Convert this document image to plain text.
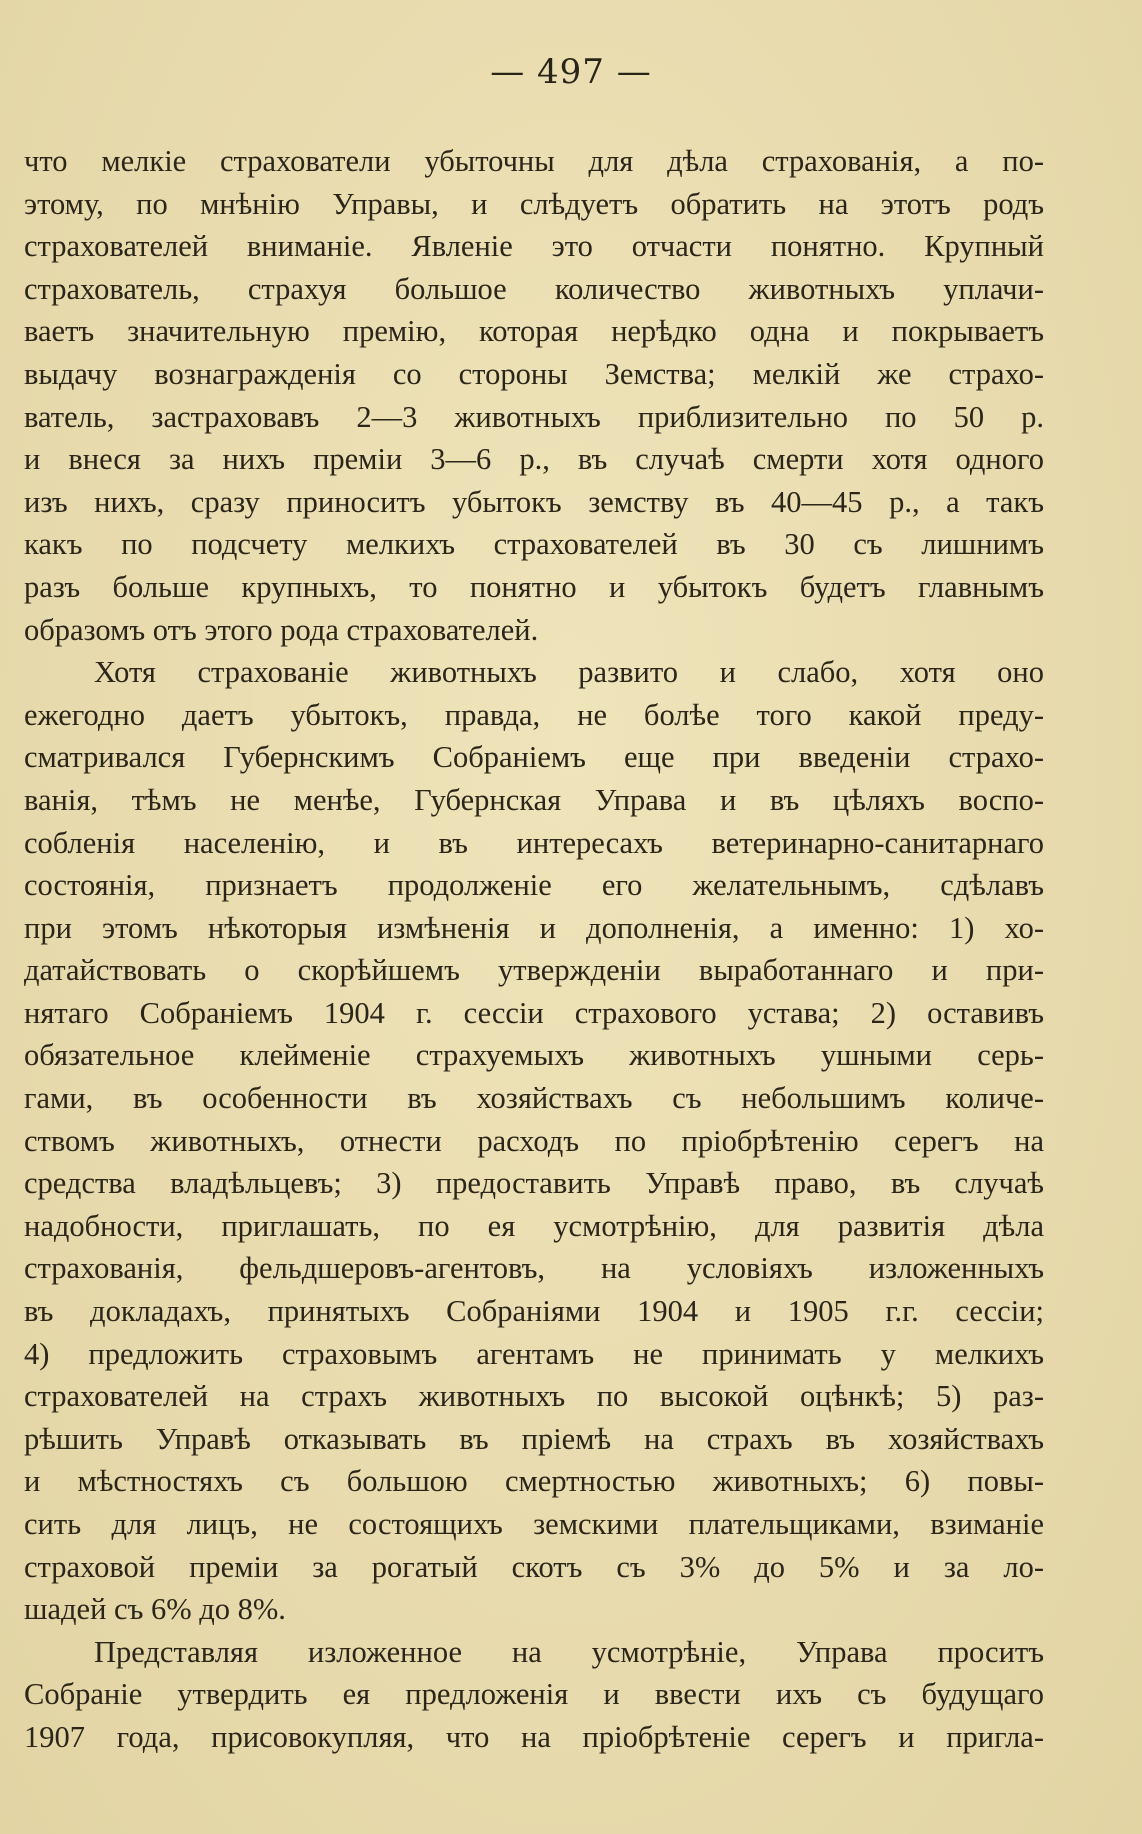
— 497 —
что мелкіе страхователи убыточны для дѣла страхованія, а по-
этому, по мнѣнію Управы, и слѣдуетъ обратить на этотъ родъ
страхователей вниманіе. Явленіе это отчасти понятно. Крупный
страхователь, страхуя большое количество животныхъ уплачи-
ваетъ значительную премію, которая нерѣдко одна и покрываетъ
выдачу вознагражденія со стороны Земства; мелкій же страхо-
ватель, застраховавъ 2—3 животныхъ приблизительно по 50 р.
и внеся за нихъ преміи 3—6 р., въ случаѣ смерти хотя одного
изъ нихъ, сразу приноситъ убытокъ земству въ 40—45 р., а такъ
какъ по подсчету мелкихъ страхователей въ 30 съ лишнимъ
разъ больше крупныхъ, то понятно и убытокъ будетъ главнымъ
образомъ отъ этого рода страхователей.
Хотя страхованіе животныхъ развито и слабо, хотя оно
ежегодно даетъ убытокъ, правда, не болѣе того какой преду-
сматривался Губернскимъ Собраніемъ еще при введеніи страхо-
ванія, тѣмъ не менѣе, Губернская Управа и въ цѣляхъ воспо-
собленія населенію, и въ интересахъ ветеринарно-санитарнаго
состоянія, признаетъ продолженіе его желательнымъ, сдѣлавъ
при этомъ нѣкоторыя измѣненія и дополненія, а именно: 1) хо-
датайствовать о скорѣйшемъ утвержденіи выработаннаго и при-
нятаго Собраніемъ 1904 г. сессіи страхового устава; 2) оставивъ
обязательное клейменіе страхуемыхъ животныхъ ушными серь-
гами, въ особенности въ хозяйствахъ съ небольшимъ количе-
ствомъ животныхъ, отнести расходъ по пріобрѣтенію серегъ на
средства владѣльцевъ; 3) предоставить Управѣ право, въ случаѣ
надобности, приглашать, по ея усмотрѣнію, для развитія дѣла
страхованія, фельдшеровъ-агентовъ, на условіяхъ изложенныхъ
въ докладахъ, принятыхъ Собраніями 1904 и 1905 г.г. сессіи;
4) предложить страховымъ агентамъ не принимать у мелкихъ
страхователей на страхъ животныхъ по высокой оцѣнкѣ; 5) раз-
рѣшить Управѣ отказывать въ пріемѣ на страхъ въ хозяйствахъ
и мѣстностяхъ съ большою смертностью животныхъ; 6) повы-
сить для лицъ, не состоящихъ земскими плательщиками, взиманіе
страховой преміи за рогатый скотъ съ 3% до 5% и за ло-
шадей съ 6% до 8%.
Представляя изложенное на усмотрѣніе, Управа проситъ
Собраніе утвердить ея предложенія и ввести ихъ съ будущаго
1907 года, присовокупляя, что на пріобрѣтеніе серегъ и пригла-
